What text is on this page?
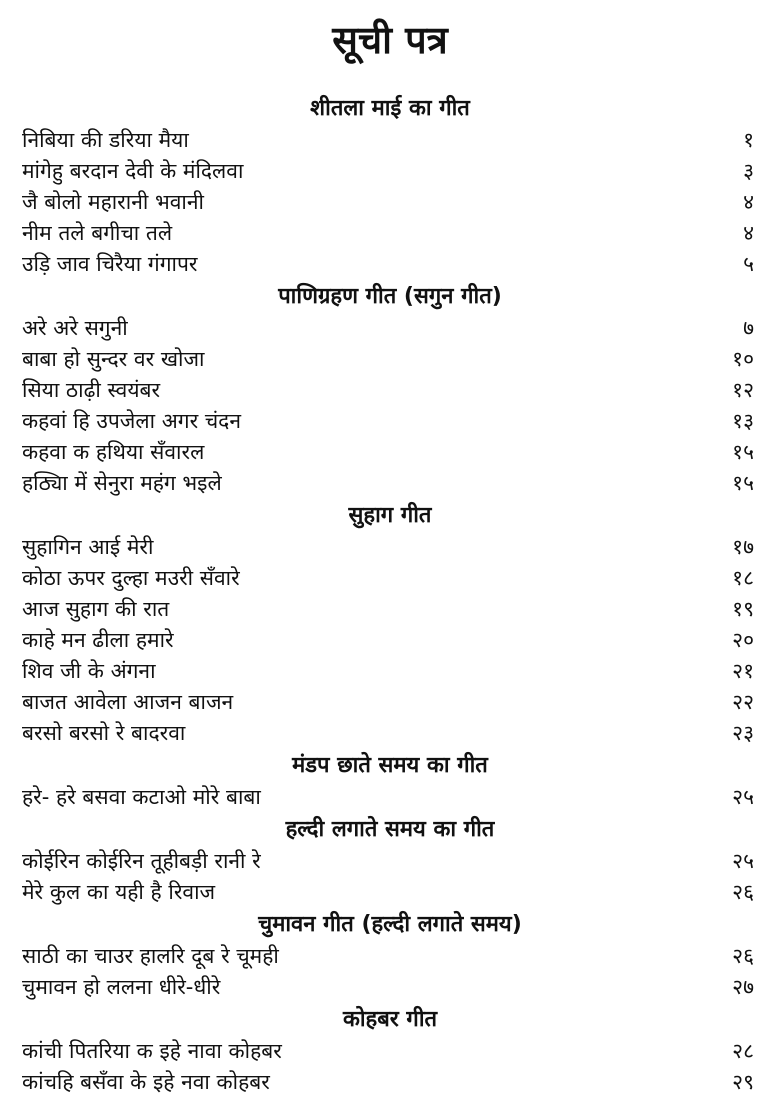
सूची पत्र
शीतला माई का गीत
निबिया की डरिया मैया	१
मांगेहु बरदान देवी के मंदिलवा	३
जै बोलो महारानी भवानी	४
नीम तले बगीचा तले	४
उड़ि जाव चिरैया गंगापर	५
पाणिग्रहण गीत (सगुन गीत)
अरे अरे सगुनी	७
बाबा हो सुन्दर वर खोजा	१०
सिया ठाढ़ी स्वयंबर	१२
कहवां हि उपजेला अगर चंदन	१३
कहवा क हथिया सँवारल	१५
हठ्यिा में सेनुरा महंग भइले	१५
सुहाग गीत
सुहागिन आई मेरी	१७
कोठा ऊपर दुल्हा मउरी सँवारे	१८
आज सुहाग की रात	१९
काहे मन ढीला हमारे	२०
शिव जी के अंगना	२१
बाजत आवेला आजन बाजन	२२
बरसो बरसो रे बादरवा	२३
मंडप छाते समय का गीत
हरे- हरे बसवा कटाओ मोरे बाबा	२५
हल्दी लगाते समय का गीत
कोईरिन कोईरिन तूहीबड़ी रानी रे	२५
मेरे कुल का यही है रिवाज	२६
चुमावन गीत (हल्दी लगाते समय)
साठी का चाउर हालरि दूब रे चूमही	२६
चुमावन हो ललना धीरे-धीरे	२७
कोहबर गीत
कांची पितरिया क इहे नावा कोहबर	२८
कांचहि बसँवा के इहे नवा कोहबर	२९
